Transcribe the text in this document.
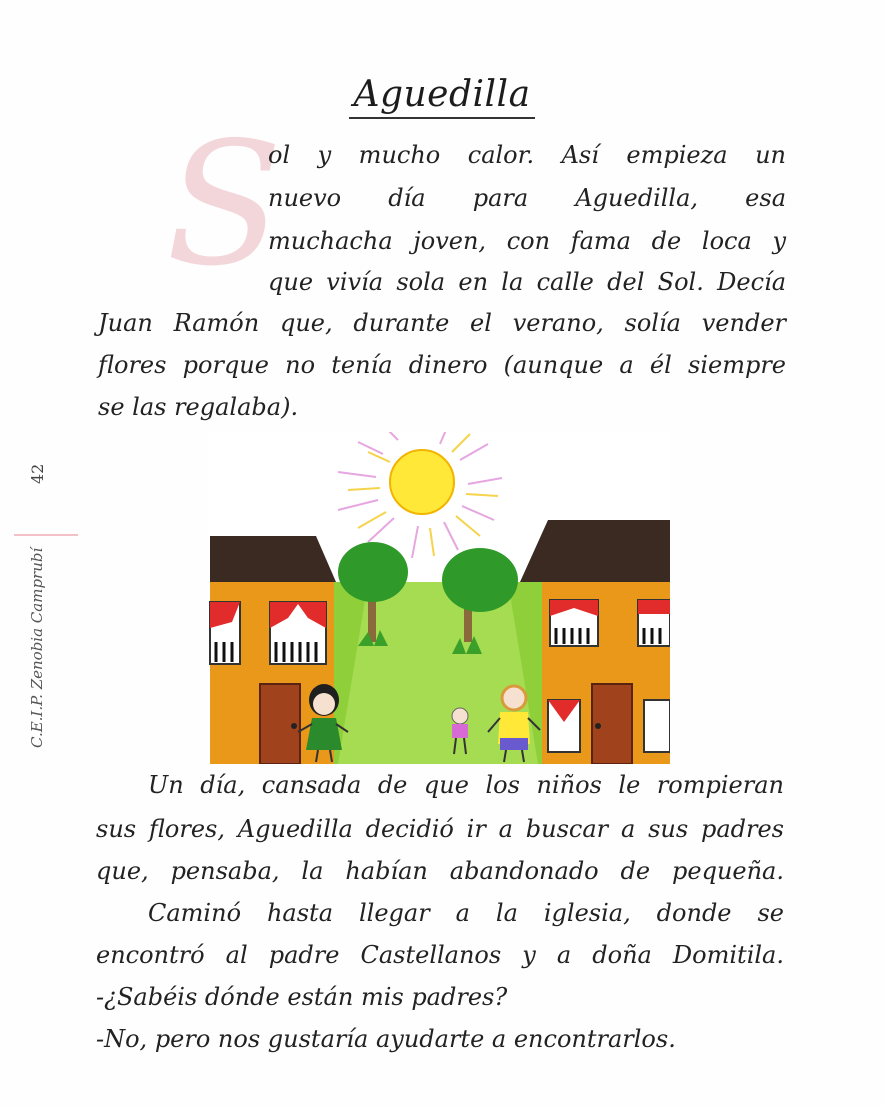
Aguedilla
S
ol y mucho calor. Así empieza un
nuevo día para Aguedilla, esa
muchacha joven, con fama de loca y
que vivía sola en la calle del Sol. Decía
Juan Ramón que, durante el verano, solía vender
flores porque no tenía dinero (aunque a él siempre
se las regalaba).
C.E.I.P. Zenobia Camprubí
42
Un día, cansada de que los niños le rompieran
sus flores, Aguedilla decidió ir a buscar a sus padres
que, pensaba, la habían abandonado de pequeña.
Caminó hasta llegar a la iglesia, donde se
encontró al padre Castellanos y a doña Domitila.
-¿Sabéis dónde están mis padres?
-No, pero nos gustaría ayudarte a encontrarlos.
